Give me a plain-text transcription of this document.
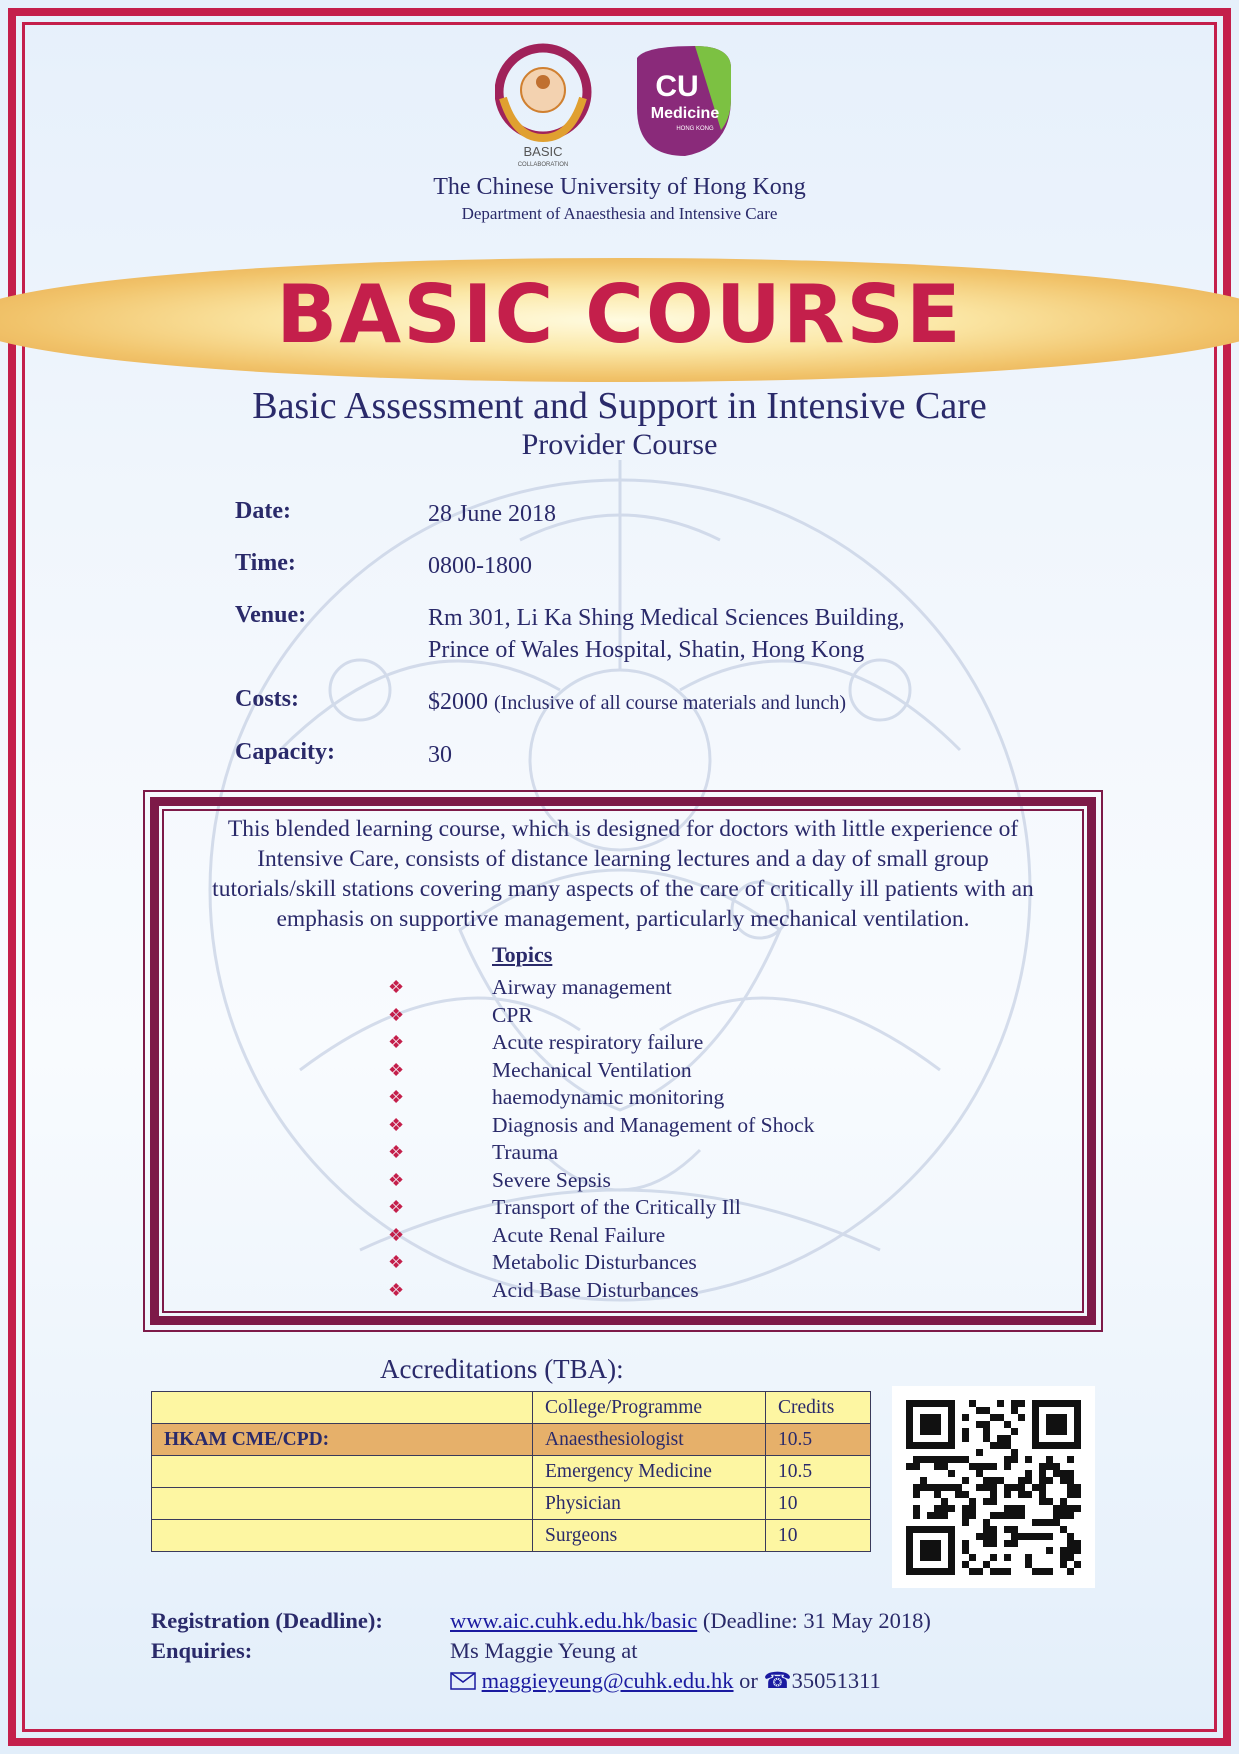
BASIC
COLLABORATION
CU
Medicine
HONG KONG
The Chinese University of Hong Kong
Department of Anaesthesia and Intensive Care
BASIC COURSE
Basic Assessment and Support in Intensive Care
Provider Course
Date:	28 June 2018
Time:	0800-1800
Venue:	Rm 301, Li Ka Shing Medical Sciences Building,
Prince of Wales Hospital, Shatin, Hong Kong
Costs:	$2000 (Inclusive of all course materials and lunch)
Capacity:	30
This blended learning course, which is designed for doctors with little experience of
Intensive Care, consists of distance learning lectures and a day of small group
tutorials/skill stations covering many aspects of the care of critically ill patients with an
emphasis on supportive management, particularly mechanical ventilation.
Topics
❖	Airway management
❖	CPR
❖	Acute respiratory failure
❖	Mechanical Ventilation
❖	haemodynamic monitoring
❖	Diagnosis and Management of Shock
❖	Trauma
❖	Severe Sepsis
❖	Transport of the Critically Ill
❖	Acute Renal Failure
❖	Metabolic Disturbances
❖	Acid Base Disturbances
Accreditations (TBA):
	College/Programme	Credits
HKAM CME/CPD:	Anaesthesiologist	10.5
	Emergency Medicine	10.5
	Physician	10
	Surgeons	10
Registration (Deadline):	www.aic.cuhk.edu.hk/basic (Deadline: 31 May 2018)
Enquiries:	Ms Maggie Yeung at
maggieyeung@cuhk.edu.hk or ☎35051311
